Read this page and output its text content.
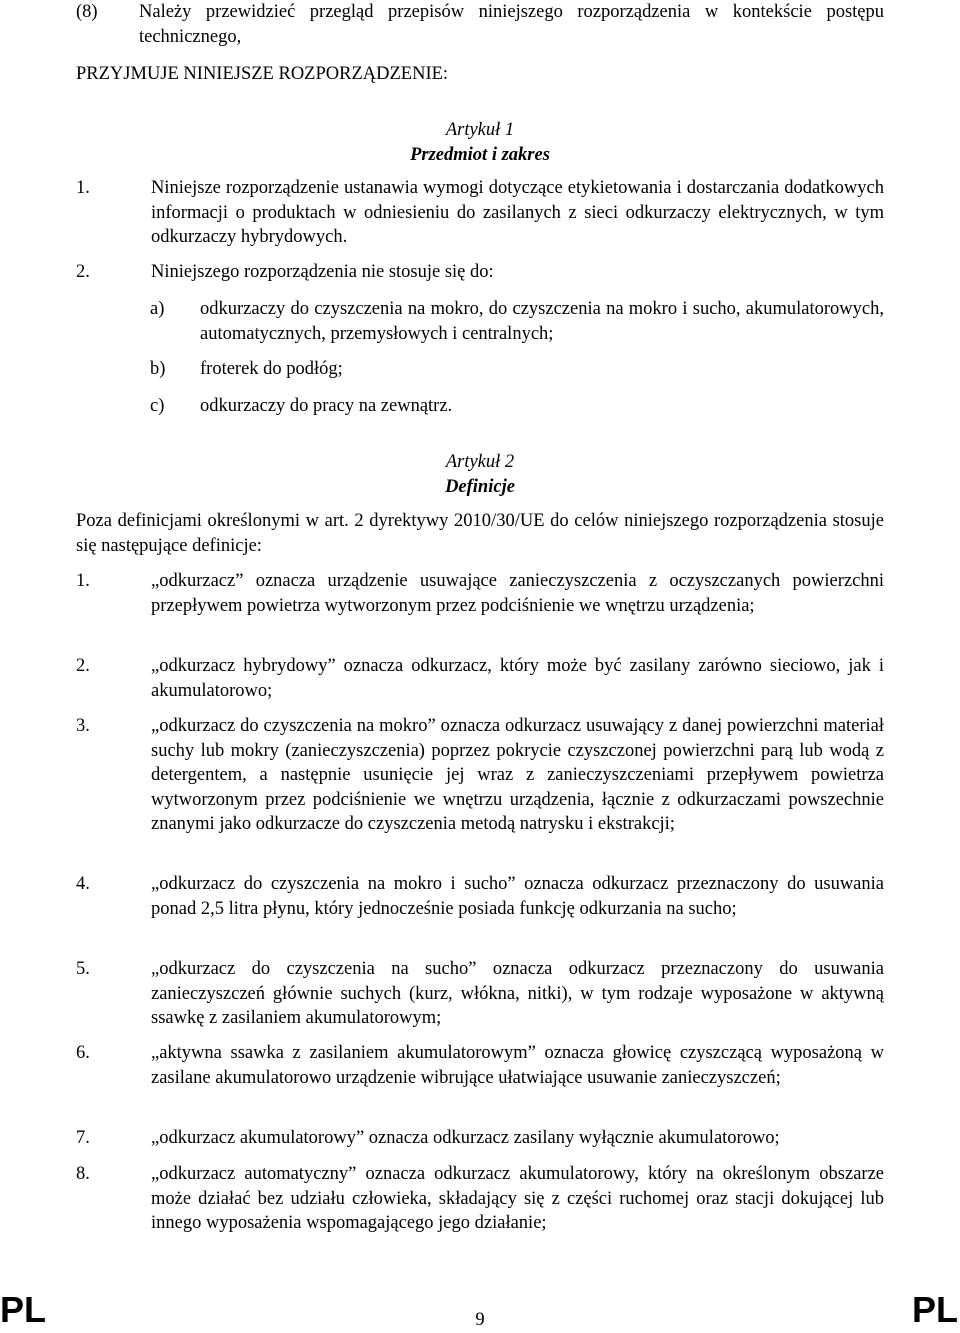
(8) Należy przewidzieć przegląd przepisów niniejszego rozporządzenia w kontekście postępu technicznego,
PRZYJMUJE NINIEJSZE ROZPORZĄDZENIE:
Artykuł 1
Przedmiot i zakres
1.	Niniejsze rozporządzenie ustanawia wymogi dotyczące etykietowania i dostarczania dodatkowych informacji o produktach w odniesieniu do zasilanych z sieci odkurzaczy elektrycznych, w tym odkurzaczy hybrydowych.
2.	Niniejszego rozporządzenia nie stosuje się do:
a) odkurzaczy do czyszczenia na mokro, do czyszczenia na mokro i sucho, akumulatorowych, automatycznych, przemysłowych i centralnych;
b) froterek do podłóg;
c) odkurzaczy do pracy na zewnątrz.
Artykuł 2
Definicje
Poza definicjami określonymi w art. 2 dyrektywy 2010/30/UE do celów niniejszego rozporządzenia stosuje się następujące definicje:
1.	„odkurzacz” oznacza urządzenie usuwające zanieczyszczenia z oczyszczanych powierzchni przepływem powietrza wytworzonym przez podciśnienie we wnętrzu urządzenia;
2.	„odkurzacz hybrydowy” oznacza odkurzacz, który może być zasilany zarówno sieciowo, jak i akumulatorowo;
3.	„odkurzacz do czyszczenia na mokro” oznacza odkurzacz usuwający z danej powierzchni materiał suchy lub mokry (zanieczyszczenia) poprzez pokrycie czyszczonej powierzchni parą lub wodą z detergentem, a następnie usunięcie jej wraz z zanieczyszczeniami przepływem powietrza wytworzonym przez podciśnienie we wnętrzu urządzenia, łącznie z odkurzaczami powszechnie znanymi jako odkurzacze do czyszczenia metodą natrysku i ekstrakcji;
4.	„odkurzacz do czyszczenia na mokro i sucho” oznacza odkurzacz przeznaczony do usuwania ponad 2,5 litra płynu, który jednocześnie posiada funkcję odkurzania na sucho;
5.	„odkurzacz do czyszczenia na sucho” oznacza odkurzacz przeznaczony do usuwania zanieczyszczeń głównie suchych (kurz, włókna, nitki), w tym rodzaje wyposażone w aktywną ssawkę z zasilaniem akumulatorowym;
6.	„aktywna ssawka z zasilaniem akumulatorowym” oznacza głowicę czyszczącą wyposażoną w zasilane akumulatorowo urządzenie wibrujące ułatwiające usuwanie zanieczyszczeń;
7.	„odkurzacz akumulatorowy” oznacza odkurzacz zasilany wyłącznie akumulatorowo;
8.	„odkurzacz automatyczny” oznacza odkurzacz akumulatorowy, który na określonym obszarze może działać bez udziału człowieka, składający się z części ruchomej oraz stacji dokującej lub innego wyposażenia wspomagającego jego działanie;
PL	9	PL
